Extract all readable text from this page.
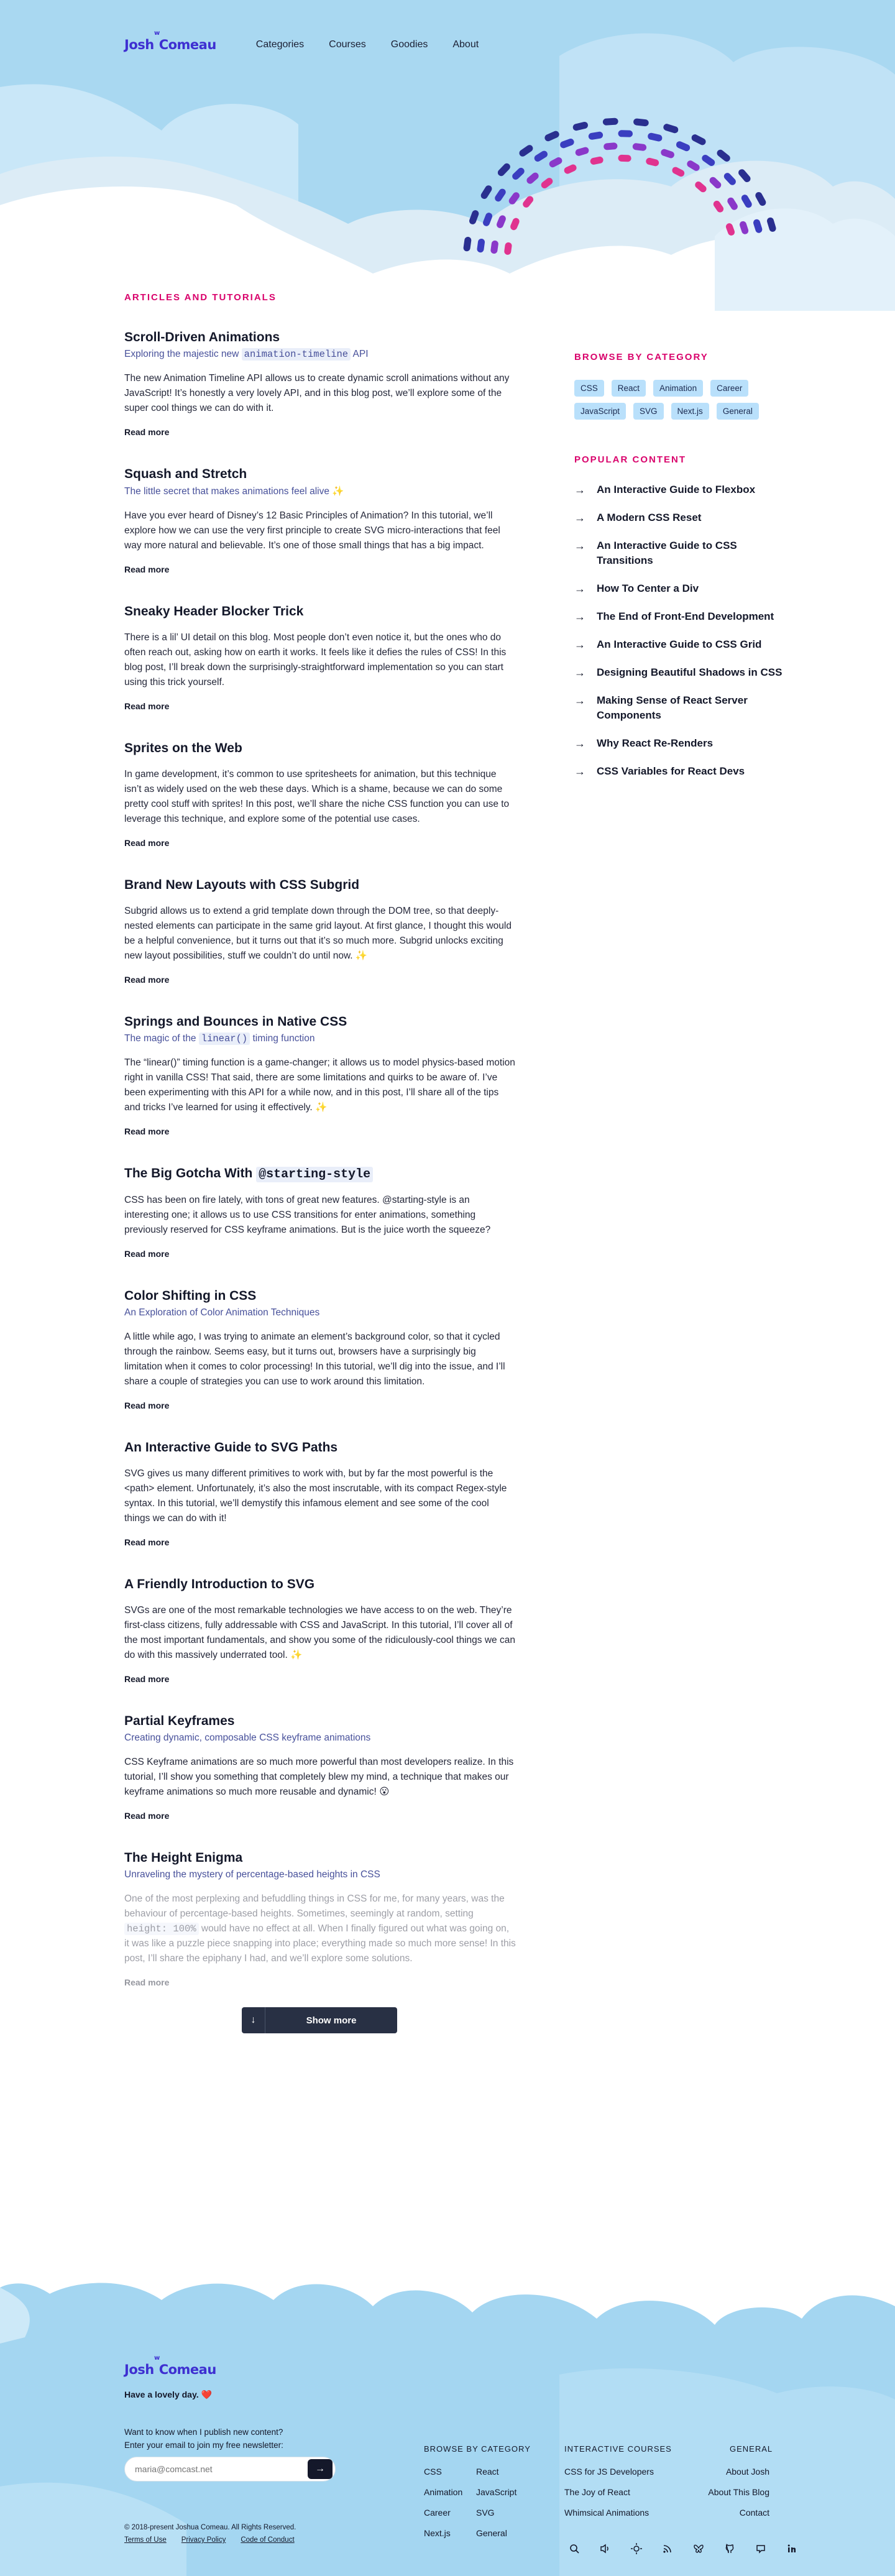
Josh
w
Comeau	Categories	Courses	Goodies	About
ARTICLES AND TUTORIALS
Scroll-Driven Animations
Exploring the majestic new animation-timeline API

The new Animation Timeline API allows us to create dynamic scroll animations without any JavaScript! It’s honestly a very lovely API, and in this blog post, we’ll explore some of the super cool things we can do with it.

Read more
Squash and Stretch
The little secret that makes animations feel alive ✨

Have you ever heard of Disney’s 12 Basic Principles of Animation? In this tutorial, we’ll explore how we can use the very first principle to create SVG micro-interactions that feel way more natural and believable. It’s one of those small things that has a big impact.

Read more
Sneaky Header Blocker Trick

There is a lil’ UI detail on this blog. Most people don’t even notice it, but the ones who do often reach out, asking how on earth it works. It feels like it defies the rules of CSS! In this blog post, I’ll break down the surprisingly-straightforward implementation so you can start using this trick yourself.

Read more
Sprites on the Web

In game development, it’s common to use spritesheets for animation, but this technique isn’t as widely used on the web these days. Which is a shame, because we can do some pretty cool stuff with sprites! In this post, we’ll share the niche CSS function you can use to leverage this technique, and explore some of the potential use cases.

Read more
Brand New Layouts with CSS Subgrid

Subgrid allows us to extend a grid template down through the DOM tree, so that deeply-nested elements can participate in the same grid layout. At first glance, I thought this would be a helpful convenience, but it turns out that it’s so much more. Subgrid unlocks exciting new layout possibilities, stuff we couldn’t do until now. ✨

Read more
Springs and Bounces in Native CSS
The magic of the linear() timing function

The “linear()” timing function is a game-changer; it allows us to model physics-based motion right in vanilla CSS! That said, there are some limitations and quirks to be aware of. I’ve been experimenting with this API for a while now, and in this post, I’ll share all of the tips and tricks I’ve learned for using it effectively. ✨

Read more
The Big Gotcha With @starting-style

CSS has been on fire lately, with tons of great new features. @starting-style is an interesting one; it allows us to use CSS transitions for enter animations, something previously reserved for CSS keyframe animations. But is the juice worth the squeeze?

Read more
Color Shifting in CSS
An Exploration of Color Animation Techniques

A little while ago, I was trying to animate an element’s background color, so that it cycled through the rainbow. Seems easy, but it turns out, browsers have a surprisingly big limitation when it comes to color processing! In this tutorial, we’ll dig into the issue, and I’ll share a couple of strategies you can use to work around this limitation.

Read more
An Interactive Guide to SVG Paths

SVG gives us many different primitives to work with, but by far the most powerful is the <path> element. Unfortunately, it’s also the most inscrutable, with its compact Regex-style syntax. In this tutorial, we’ll demystify this infamous element and see some of the cool things we can do with it!

Read more
A Friendly Introduction to SVG

SVGs are one of the most remarkable technologies we have access to on the web. They’re first-class citizens, fully addressable with CSS and JavaScript. In this tutorial, I’ll cover all of the most important fundamentals, and show you some of the ridiculously-cool things we can do with this massively underrated tool. ✨

Read more
Partial Keyframes
Creating dynamic, composable CSS keyframe animations

CSS Keyframe animations are so much more powerful than most developers realize. In this tutorial, I’ll show you something that completely blew my mind, a technique that makes our keyframe animations so much more reusable and dynamic! 😮

Read more
The Height Enigma
Unraveling the mystery of percentage-based heights in CSS

One of the most perplexing and befuddling things in CSS for me, for many years, was the behaviour of percentage-based heights. Sometimes, seemingly at random, setting height: 100% would have no effect at all. When I finally figured out what was going on, it was like a puzzle piece snapping into place; everything made so much more sense! In this post, I’ll share the epiphany I had, and we’ll explore some solutions.

Read more
↓	Show more
BROWSE BY CATEGORY
CSS	React	Animation	Career
JavaScript	SVG	Next.js	General
POPULAR CONTENT
→ An Interactive Guide to Flexbox
→ A Modern CSS Reset
→ An Interactive Guide to CSS Transitions
→ How To Center a Div
→ The End of Front-End Development
→ An Interactive Guide to CSS Grid
→ Designing Beautiful Shadows in CSS
→ Making Sense of React Server Components
→ Why React Re-Renders
→ CSS Variables for React Devs
Josh
w
Comeau
Have a lovely day. ❤️
Want to know when I publish new content?
Enter your email to join my free newsletter:
maria@comcast.net
→
© 2018-present Joshua Comeau. All Rights Reserved.
Terms of Use Privacy Policy Code of Conduct
BROWSE BY CATEGORY
CSS
Animation
Career
Next.js
React
JavaScript
SVG
General
INTERACTIVE COURSES
CSS for JS Developers
The Joy of React
Whimsical Animations
GENERAL
About Josh
About This Blog
Contact
